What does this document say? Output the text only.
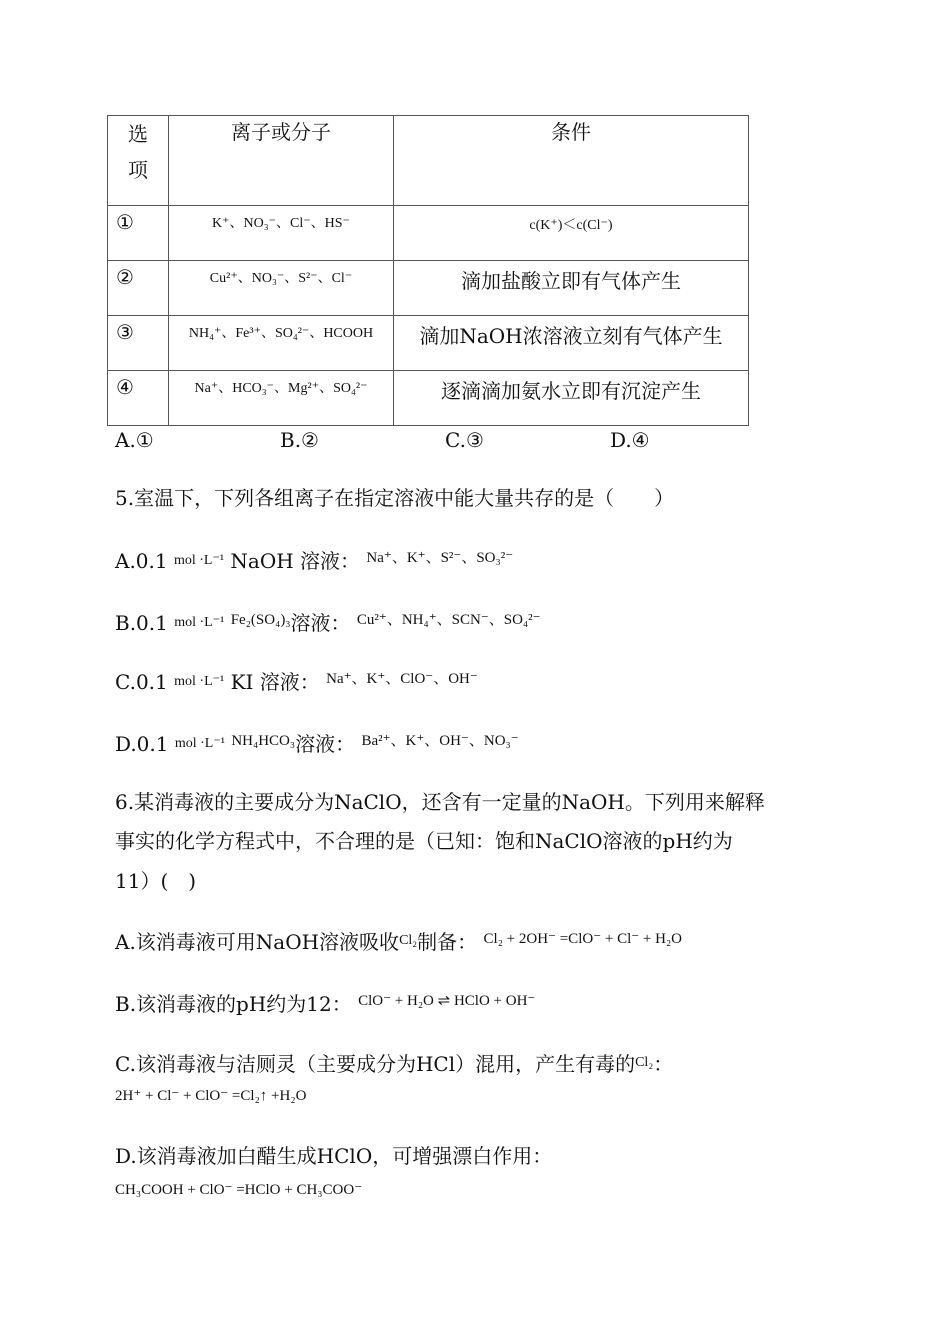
选
项	离子或分子	条件

①	K⁺、NO₃⁻、Cl⁻、HS⁻	c(K⁺)＜c(Cl⁻)

②	Cu²⁺、NO₃⁻、S²⁻、Cl⁻	滴加盐酸立即有气体产生

③	NH₄⁺、Fe³⁺、SO₄²⁻、HCOOH	滴加NaOH浓溶液立刻有气体产生

④	Na⁺、HCO₃⁻、Mg²⁺、SO₄²⁻	逐滴滴加氨水立即有沉淀产生
A.①	B.②	C.③	D.④
5.室温下，下列各组离子在指定溶液中能大量共存的是（　　）
A.0.1 $^{mol \cdot L^{-1}}$ NaOH 溶液： $^{Na^+、K^+、S^{2-}、SO_3^{2-}}$
B.0.1 $^{mol \cdot L^{-1}}$ $^{Fe_2(SO_4)_3}$溶液： $^{Cu^{2+}、NH_4^+、SCN^-、SO_4^{2-}}$
C.0.1 $^{mol \cdot L^{-1}}$ KI 溶液： $^{Na^+、K^+、ClO^-、OH^-}$
D.0.1 $^{mol \cdot L^{-1}}$ $^{NH_4HCO_3}$溶液： $^{Ba^{2+}、K^+、OH^-、NO_3^-}$
6.某消毒液的主要成分为NaClO，还含有一定量的NaOH。下列用来解释
事实的化学方程式中，不合理的是（已知：饱和NaClO溶液的pH约为
11）(　)
A.该消毒液可用NaOH溶液吸收$^{Cl_2}$制备： $^{Cl_2 + 2OH^- =ClO^- + Cl^- + H_2O}$
B.该消毒液的pH约为12： $^{ClO^- + H_2O \rightleftharpoons HClO + OH^-}$
C.该消毒液与洁厕灵（主要成分为HCl）混用，产生有毒的$^{Cl_2}$：
2H⁺ + Cl⁻ + ClO⁻ =Cl₂↑ +H₂O
D.该消毒液加白醋生成HClO，可增强漂白作用：
CH₃COOH + ClO⁻ =HClO + CH₃COO⁻
